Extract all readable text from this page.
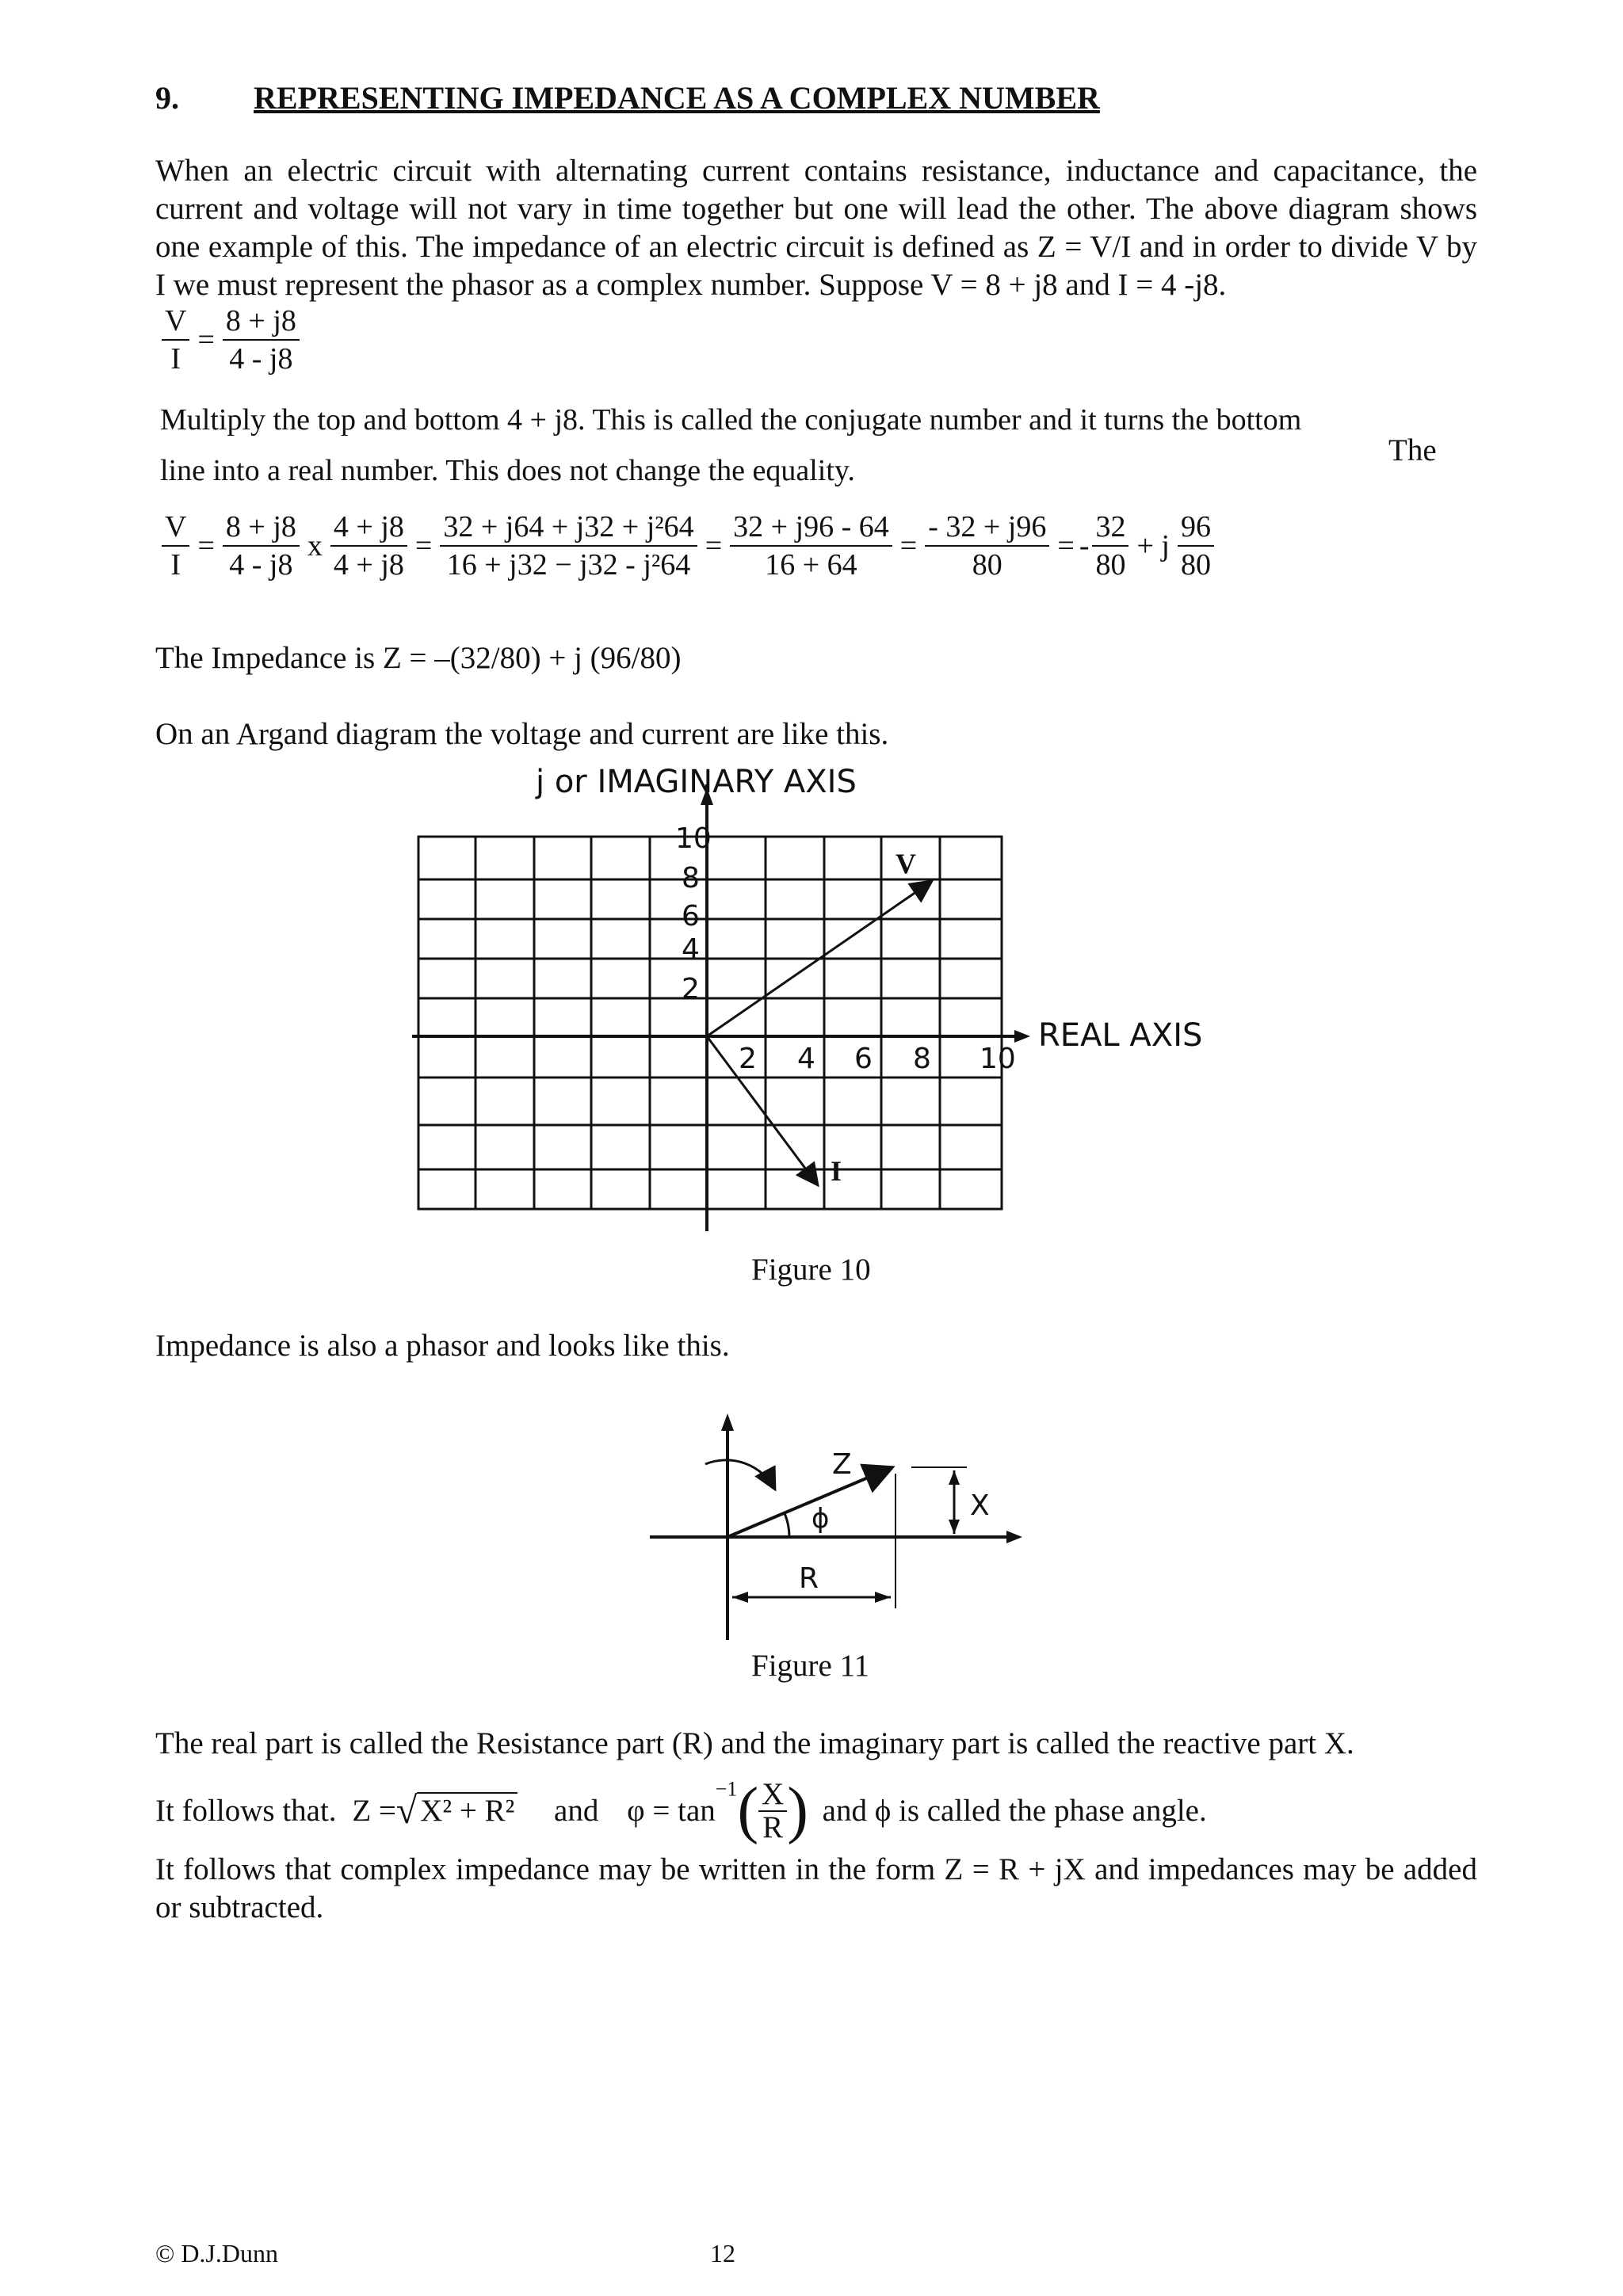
9. REPRESENTING IMPEDANCE AS A COMPLEX NUMBER
When an electric circuit with alternating current contains resistance, inductance and capacitance, the current and voltage will not vary in time together but one will lead the other. The above diagram shows one example of this. The impedance of an electric circuit is defined as Z = V/I and in order to divide V by I we must represent the phasor as a complex number. Suppose V = 8 + j8 and I = 4 -j8.
$\frac{V}{I} = \frac{8 + j8}{4 - j8}$
Multiply the top and bottom 4 + j8. This is called the conjugate number and it turns the bottom
The
line into a real number. This does not change the equality.
$\frac{V}{I} = \frac{8 + j8}{4 - j8}$ x $\frac{4 + j8}{4 + j8} = \frac{\text{32 + j64 + j32 + j²64}}{\text{16 + j32 − j32 - j²64}} = \frac{32 + j96 - 64}{16 + 64} = \frac{- 32 + j96}{80}$ = - $\frac{32}{80} + j \frac{96}{80}$
The Impedance is Z = –(32/80) + j (96/80)
On an Argand diagram the voltage and current are like this.
j or IMAGINARY AXIS
REAL AXIS
10
8
6
4
2
2 4 6 8 10
V
I
Figure 10
Impedance is also a phasor and looks like this.
Z
ϕ
R
X
Figure 11
The real part is called the Resistance part (R) and the imaginary part is called the reactive part X.
It follows that. Z =√ X² + R² and $\varphi = \tan^{-1}( \frac{X}{R}$ ) and ϕ is called the phase angle.
It follows that complex impedance may be written in the form Z = R + jX and impedances may be added or subtracted.
© D.J.Dunn	12
